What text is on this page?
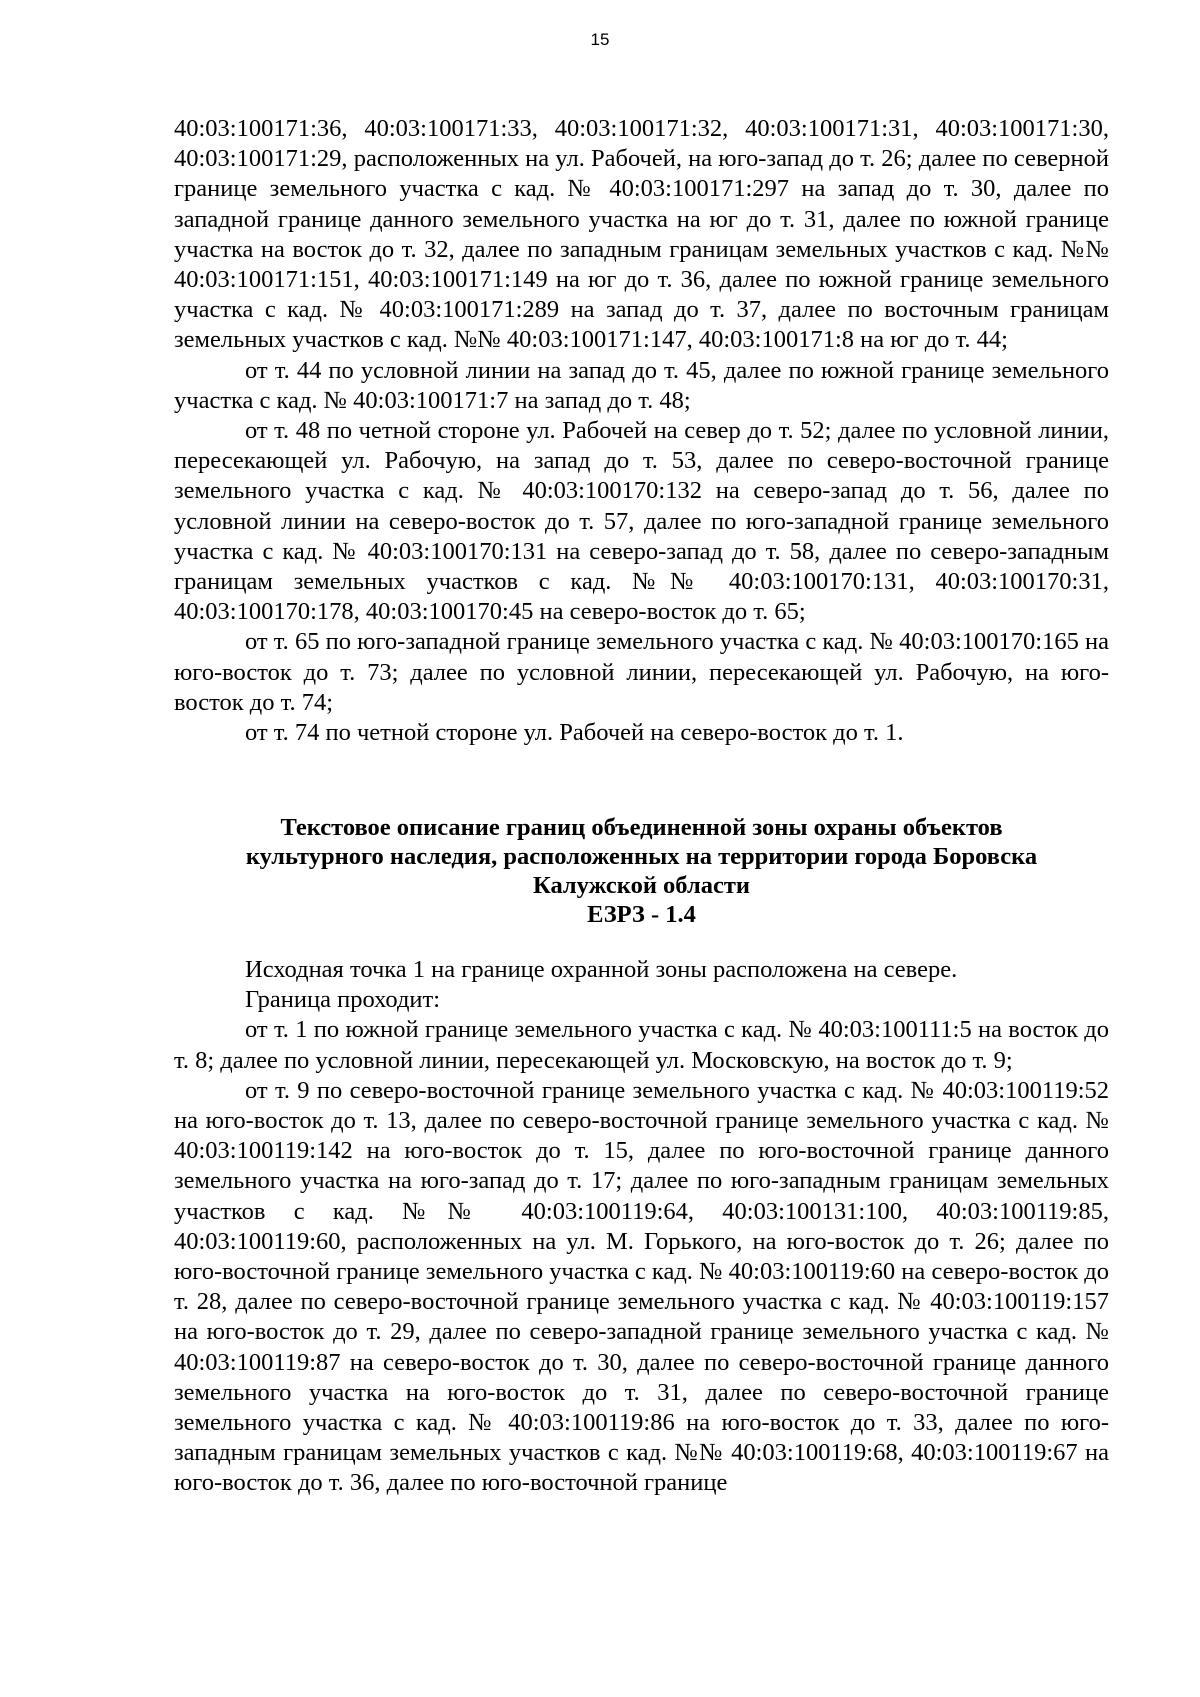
15

40:03:100171:36, 40:03:100171:33, 40:03:100171:32, 40:03:100171:31, 40:03:100171:30, 40:03:100171:29, расположенных на ул. Рабочей, на юго-запад до т. 26; далее по северной границе земельного участка с кад. № 40:03:100171:297 на запад до т. 30, далее по западной границе данного земельного участка на юг до т. 31, далее по южной границе участка на восток до т. 32, далее по западным границам земельных участков с кад. №№ 40:03:100171:151, 40:03:100171:149 на юг до т. 36, далее по южной границе земельного участка с кад. № 40:03:100171:289 на запад до т. 37, далее по восточным границам земельных участков с кад. №№ 40:03:100171:147, 40:03:100171:8 на юг до т. 44;

от т. 44 по условной линии на запад до т. 45, далее по южной границе земельного участка с кад. № 40:03:100171:7 на запад до т. 48;

от т. 48 по четной стороне ул. Рабочей на север до т. 52; далее по условной линии, пересекающей ул. Рабочую, на запад до т. 53, далее по северо-восточной границе земельного участка с кад. № 40:03:100170:132 на северо-запад до т. 56, далее по условной линии на северо-восток до т. 57, далее по юго-западной границе земельного участка с кад. № 40:03:100170:131 на северо-запад до т. 58, далее по северо-западным границам земельных участков с кад. №№ 40:03:100170:131, 40:03:100170:31, 40:03:100170:178, 40:03:100170:45 на северо-восток до т. 65;

от т. 65 по юго-западной границе земельного участка с кад. № 40:03:100170:165 на юго-восток до т. 73; далее по условной линии, пересекающей ул. Рабочую, на юго-восток до т. 74;

от т. 74 по четной стороне ул. Рабочей на северо-восток до т. 1.

Текстовое описание границ объединенной зоны охраны объектов
культурного наследия, расположенных на территории города Боровска
Калужской области
ЕЗРЗ - 1.4

Исходная точка 1 на границе охранной зоны расположена на севере.

Граница проходит:

от т. 1 по южной границе земельного участка с кад. № 40:03:100111:5 на восток до т. 8; далее по условной линии, пересекающей ул. Московскую, на восток до т. 9;

от т. 9 по северо-восточной границе земельного участка с кад. № 40:03:100119:52 на юго-восток до т. 13, далее по северо-восточной границе земельного участка с кад. № 40:03:100119:142 на юго-восток до т. 15, далее по юго-восточной границе данного земельного участка на юго-запад до т. 17; далее по юго-западным границам земельных участков с кад. №№ 40:03:100119:64, 40:03:100131:100, 40:03:100119:85, 40:03:100119:60, расположенных на ул. М. Горького, на юго-восток до т. 26; далее по юго-восточной границе земельного участка с кад. № 40:03:100119:60 на северо-восток до т. 28, далее по северо-восточной границе земельного участка с кад. № 40:03:100119:157 на юго-восток до т. 29, далее по северо-западной границе земельного участка с кад. № 40:03:100119:87 на северо-восток до т. 30, далее по северо-восточной границе данного земельного участка на юго-восток до т. 31, далее по северо-восточной границе земельного участка с кад. № 40:03:100119:86 на юго-восток до т. 33, далее по юго-западным границам земельных участков с кад. №№ 40:03:100119:68, 40:03:100119:67 на юго-восток до т. 36, далее по юго-восточной границе
